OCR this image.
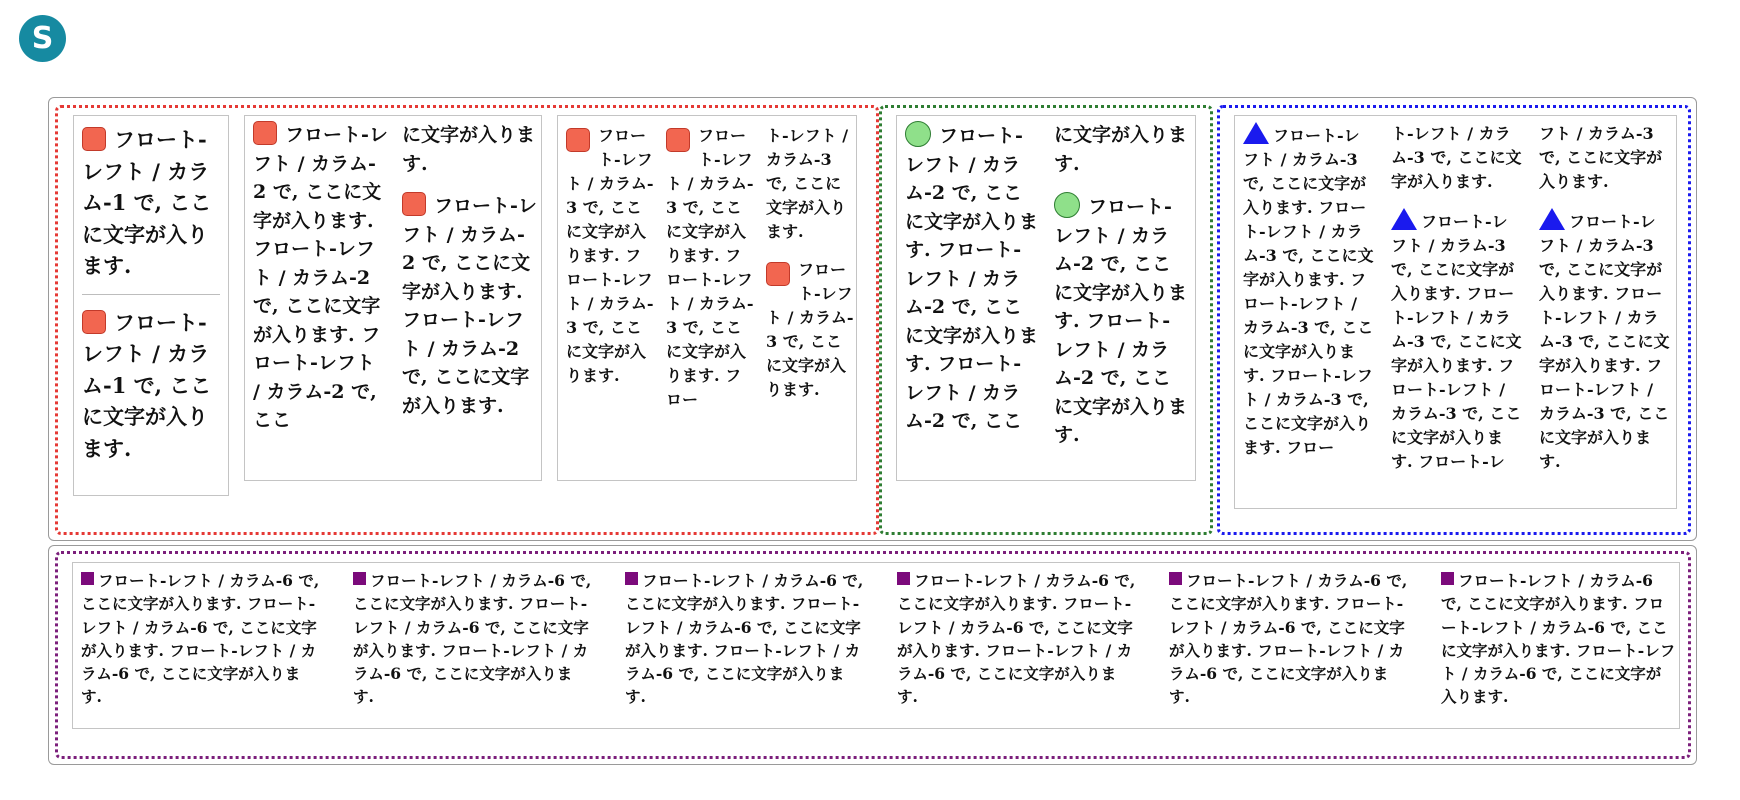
S
フロート-レフト / カラム-1 で, ここに文字が入ります.
フロート-レフト / カラム-1 で, ここに文字が入ります.
フロート-レフト / カラム-2 で, ここに文字が入ります. フロート-レフト / カラム-2 で, ここに文字が入ります. フロート-レフト / カラム-2 で, ここ
に文字が入ります.
フロート-レフト / カラム-2 で, ここに文字が入ります. フロート-レフト / カラム-2 で, ここに文字が入ります.
フロート-レフト / カラム-3 で, ここに文字が入ります. フロート-レフト / カラム-3 で, ここに文字が入ります.
フロート-レフト / カラム-3 で, ここに文字が入ります. フロート-レフト / カラム-3 で, ここに文字が入ります. フロー
ト-レフト / カラム-3 で, ここに文字が入ります.
フロート-レフト / カラム-3 で, ここに文字が入ります.
フロート-レフト / カラム-2 で, ここに文字が入ります. フロート-レフト / カラム-2 で, ここに文字が入ります. フロート-レフト / カラム-2 で, ここ
に文字が入ります.
フロート-レフト / カラム-2 で, ここに文字が入ります. フロート-レフト / カラム-2 で, ここに文字が入ります.
フロート-レフト / カラム-3 で, ここに文字が入ります. フロート-レフト / カラム-3 で, ここに文字が入ります. フロート-レフト / カラム-3 で, ここに文字が入ります. フロート-レフト / カラム-3 で, ここに文字が入ります. フロー
ト-レフト / カラム-3 で, ここに文字が入ります.
フロート-レフト / カラム-3 で, ここに文字が入ります. フロート-レフト / カラム-3 で, ここに文字が入ります. フロート-レフト / カラム-3 で, ここに文字が入ります. フロート-レ
フト / カラム-3 で, ここに文字が入ります.
フロート-レフト / カラム-3 で, ここに文字が入ります. フロート-レフト / カラム-3 で, ここに文字が入ります. フロート-レフト / カラム-3 で, ここに文字が入ります.
フロート-レフト / カラム-6 で, ここに文字が入ります. フロート-レフト / カラム-6 で, ここに文字が入ります. フロート-レフト / カラム-6 で, ここに文字が入ります.
フロート-レフト / カラム-6 で, ここに文字が入ります. フロート-レフト / カラム-6 で, ここに文字が入ります. フロート-レフト / カラム-6 で, ここに文字が入ります.
フロート-レフト / カラム-6 で, ここに文字が入ります. フロート-レフト / カラム-6 で, ここに文字が入ります. フロート-レフト / カラム-6 で, ここに文字が入ります.
フロート-レフト / カラム-6 で, ここに文字が入ります. フロート-レフト / カラム-6 で, ここに文字が入ります. フロート-レフト / カラム-6 で, ここに文字が入ります.
フロート-レフト / カラム-6 で, ここに文字が入ります. フロート-レフト / カラム-6 で, ここに文字が入ります. フロート-レフト / カラム-6 で, ここに文字が入ります.
フロート-レフト / カラム-6 で, ここに文字が入ります. フロート-レフト / カラム-6 で, ここに文字が入ります. フロート-レフト / カラム-6 で, ここに文字が入ります.
